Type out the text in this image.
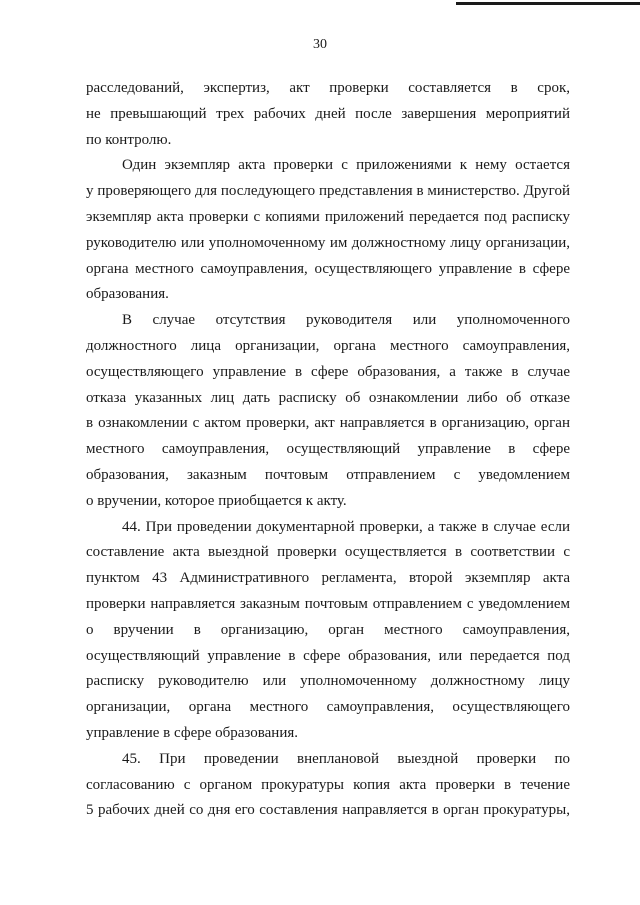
30

расследований, экспертиз, акт проверки составляется в срок,
не превышающий трех рабочих дней после завершения мероприятий
по контролю.

Один экземпляр акта проверки с приложениями к нему остается
у проверяющего для последующего представления в министерство. Другой
экземпляр акта проверки с копиями приложений передается под расписку
руководителю или уполномоченному им должностному лицу организации,
органа местного самоуправления, осуществляющего управление в сфере
образования.

В случае отсутствия руководителя или уполномоченного
должностного лица организации, органа местного самоуправления,
осуществляющего управление в сфере образования, а также в случае
отказа указанных лиц дать расписку об ознакомлении либо об отказе
в ознакомлении с актом проверки, акт направляется в организацию, орган
местного самоуправления, осуществляющий управление в сфере
образования, заказным почтовым отправлением с уведомлением
о вручении, которое приобщается к акту.

44. При проведении документарной проверки, а также в случае если
составление акта выездной проверки осуществляется в соответствии с
пунктом 43 Административного регламента, второй экземпляр акта
проверки направляется заказным почтовым отправлением с уведомлением
о вручении в организацию, орган местного самоуправления,
осуществляющий управление в сфере образования, или передается под
расписку руководителю или уполномоченному должностному лицу
организации, органа местного самоуправления, осуществляющего
управление в сфере образования.

45. При проведении внеплановой выездной проверки по
согласованию с органом прокуратуры копия акта проверки в течение
5 рабочих дней со дня его составления направляется в орган прокуратуры,
